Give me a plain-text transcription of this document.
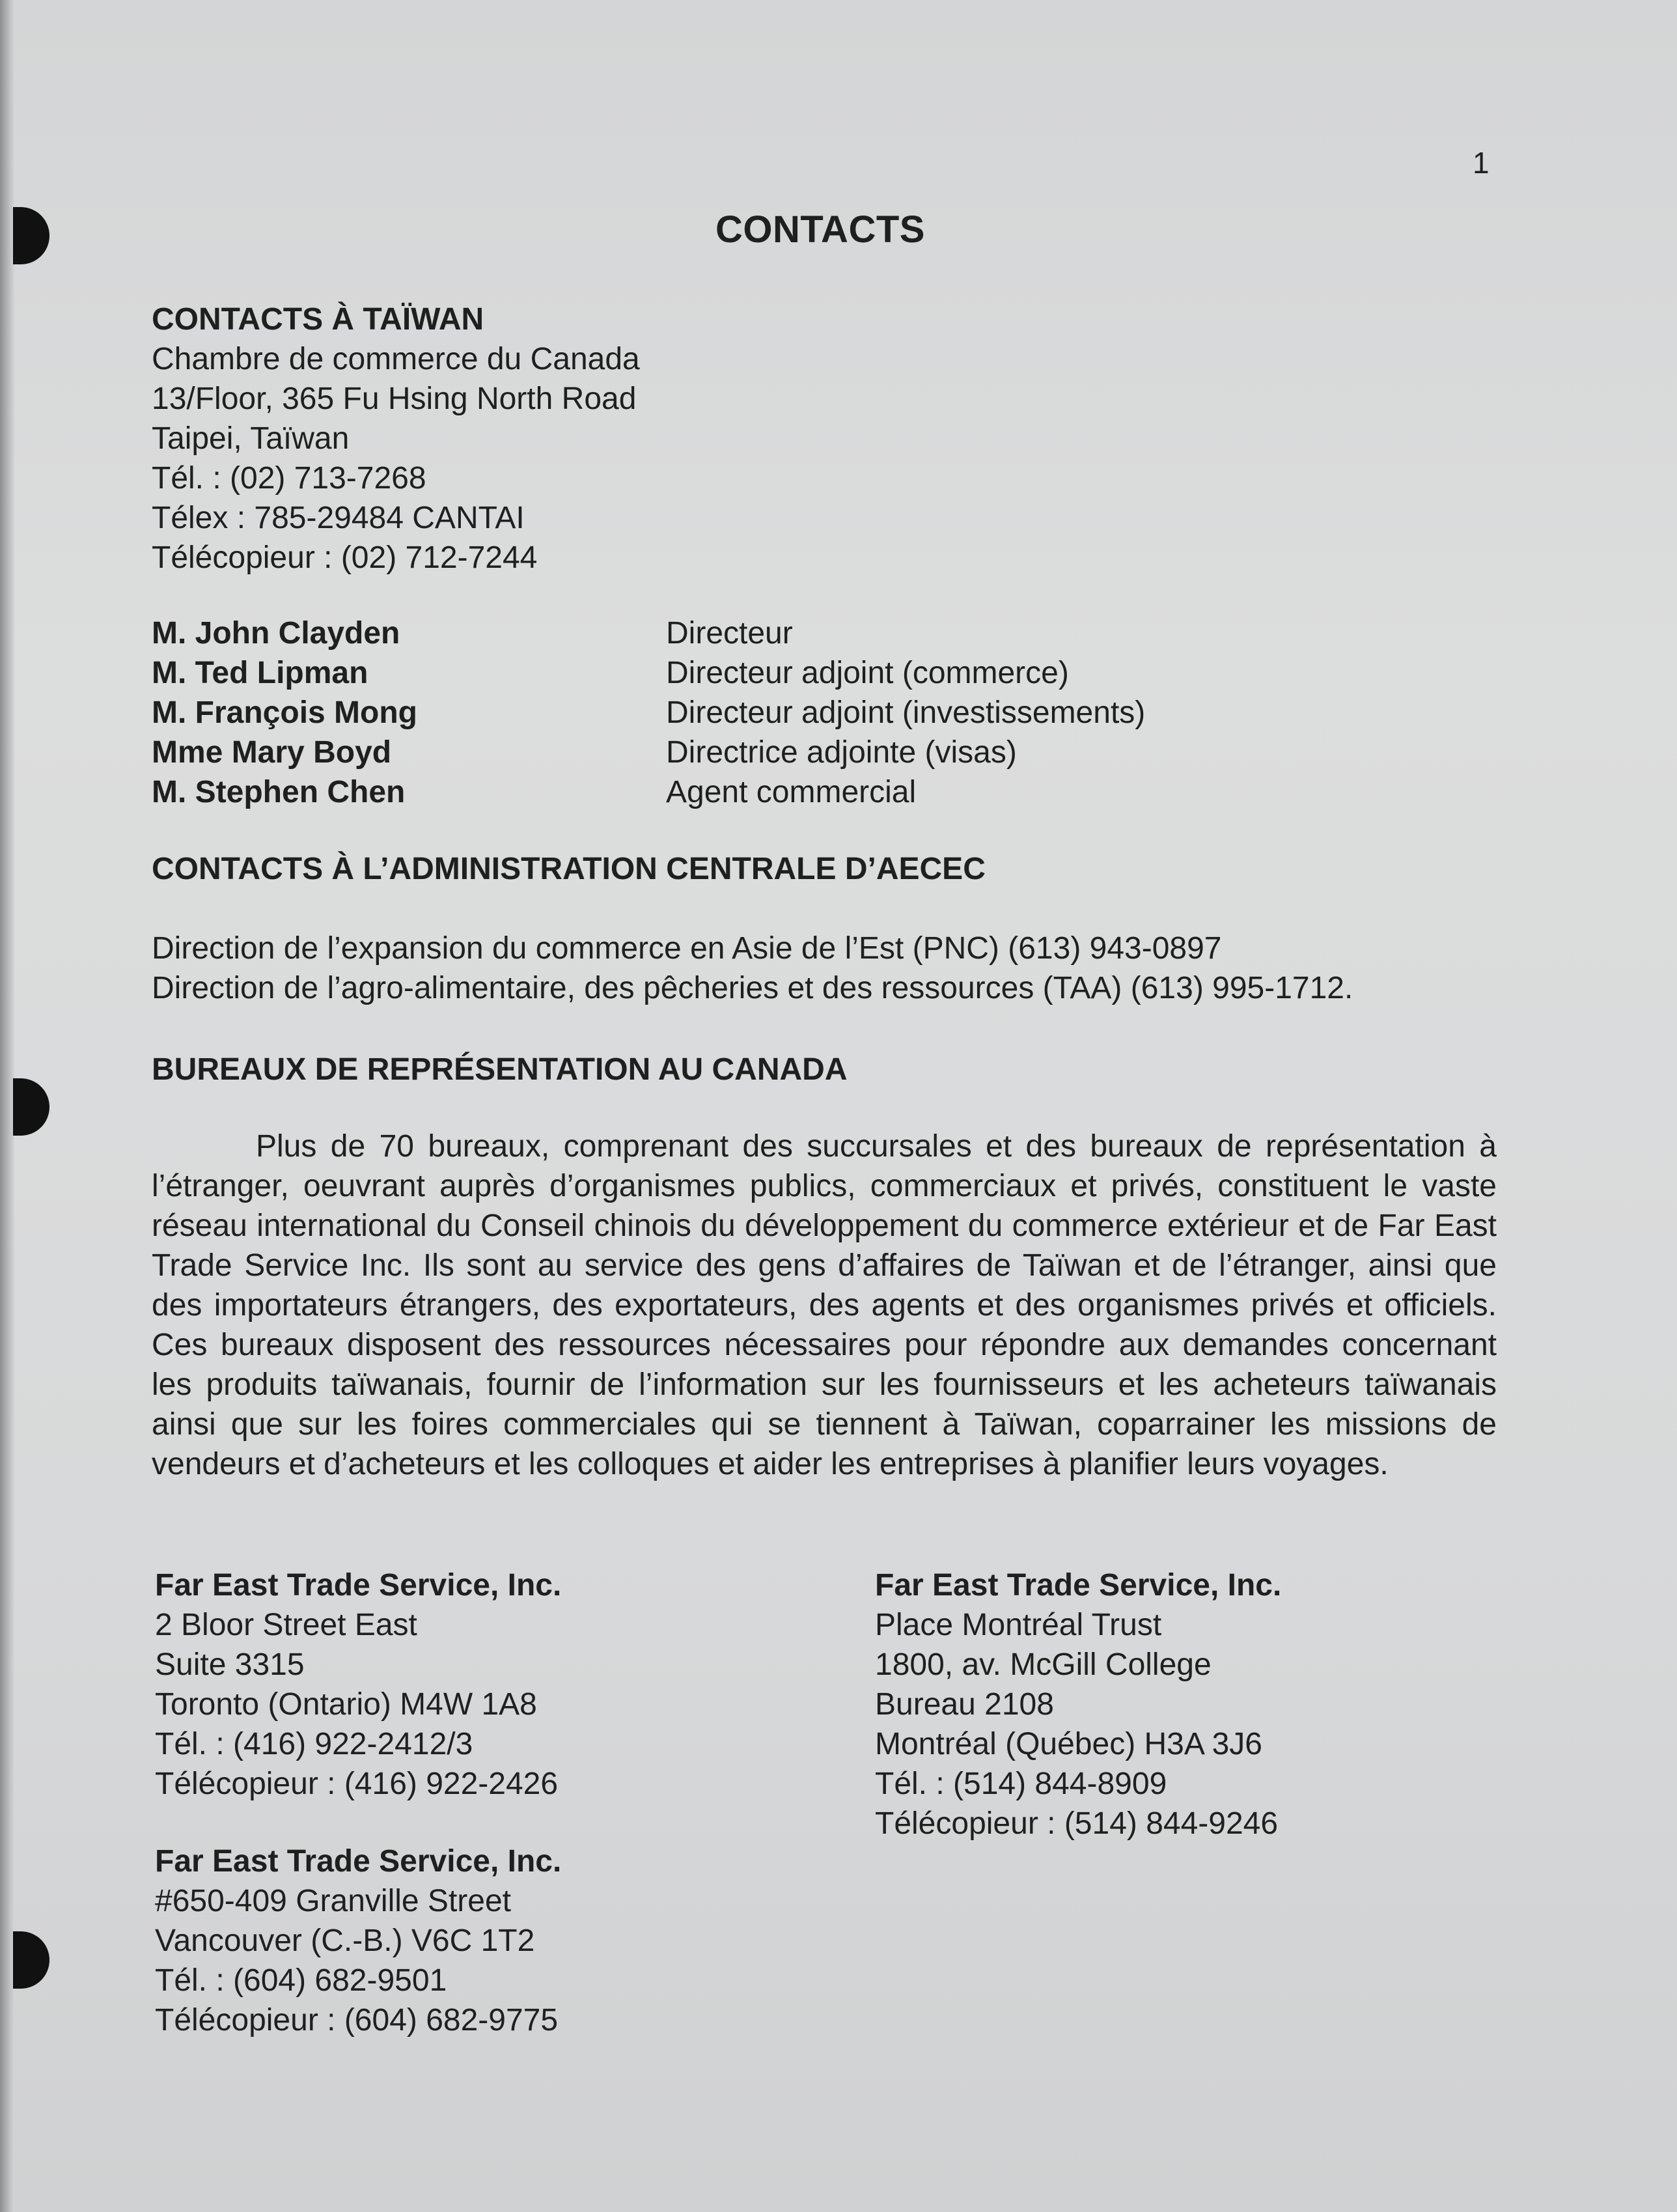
1
CONTACTS
CONTACTS À TAÏWAN
Chambre de commerce du Canada
13/Floor, 365 Fu Hsing North Road
Taipei, Taïwan
Tél. : (02) 713-7268
Télex : 785-29484 CANTAI
Télécopieur : (02) 712-7244
M. John Clayden	Directeur
M. Ted Lipman	Directeur adjoint (commerce)
M. François Mong	Directeur adjoint (investissements)
Mme Mary Boyd	Directrice adjointe (visas)
M. Stephen Chen	Agent commercial
CONTACTS À L’ADMINISTRATION CENTRALE D’AECEC
Direction de l’expansion du commerce en Asie de l’Est (PNC) (613) 943-0897
Direction de l’agro-alimentaire, des pêcheries et des ressources (TAA) (613) 995-1712.
BUREAUX DE REPRÉSENTATION AU CANADA
Plus de 70 bureaux, comprenant des succursales et des bureaux de représentation à l’étranger, oeuvrant auprès d’organismes publics, commerciaux et privés, constituent le vaste réseau international du Conseil chinois du développement du commerce extérieur et de Far East Trade Service Inc. Ils sont au service des gens d’affaires de Taïwan et de l’étranger, ainsi que des importateurs étrangers, des exportateurs, des agents et des organismes privés et officiels. Ces bureaux disposent des ressources nécessaires pour répondre aux demandes concernant les produits taïwanais, fournir de l’information sur les fournisseurs et les acheteurs taïwanais ainsi que sur les foires commerciales qui se tiennent à Taïwan, coparrainer les missions de vendeurs et d’acheteurs et les colloques et aider les entreprises à planifier leurs voyages.
Far East Trade Service, Inc.
2 Bloor Street East
Suite 3315
Toronto (Ontario) M4W 1A8
Tél. : (416) 922-2412/3
Télécopieur : (416) 922-2426
Far East Trade Service, Inc.
Place Montréal Trust
1800, av. McGill College
Bureau 2108
Montréal (Québec) H3A 3J6
Tél. : (514) 844-8909
Télécopieur : (514) 844-9246
Far East Trade Service, Inc.
#650-409 Granville Street
Vancouver (C.-B.) V6C 1T2
Tél. : (604) 682-9501
Télécopieur : (604) 682-9775
